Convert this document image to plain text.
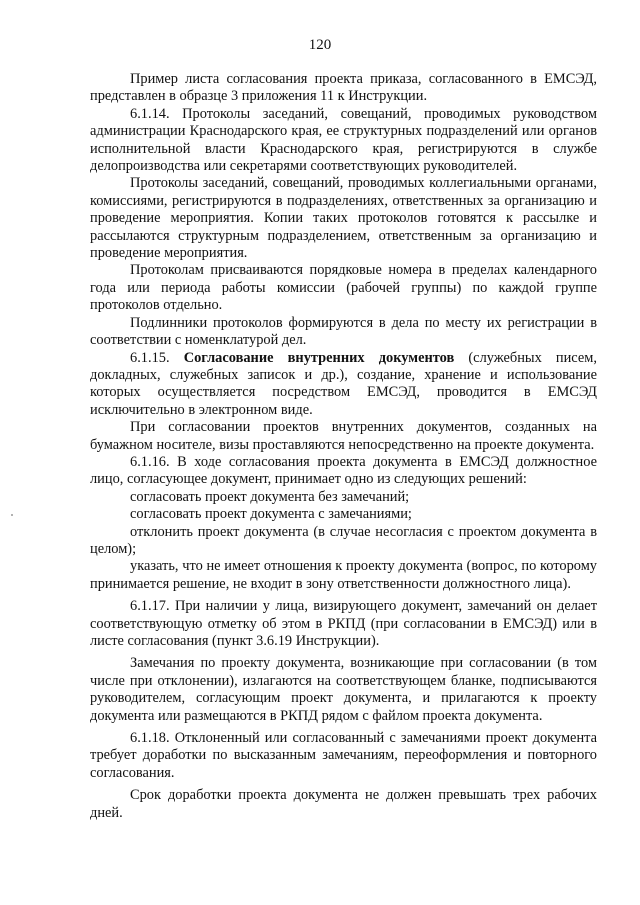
120

Пример листа согласования проекта приказа, согласованного в ЕМСЭД, представлен в образце 3 приложения 11 к Инструкции.

6.1.14. Протоколы заседаний, совещаний, проводимых руководством администрации Краснодарского края, ее структурных подразделений или органов исполнительной власти Краснодарского края, регистрируются в службе делопроизводства или секретарями соответствующих руководителей.

Протоколы заседаний, совещаний, проводимых коллегиальными органами, комиссиями, регистрируются в подразделениях, ответственных за организацию и проведение мероприятия. Копии таких протоколов готовятся к рассылке и рассылаются структурным подразделением, ответственным за организацию и проведение мероприятия.

Протоколам присваиваются порядковые номера в пределах календарного года или периода работы комиссии (рабочей группы) по каждой группе протоколов отдельно.

Подлинники протоколов формируются в дела по месту их регистрации в соответствии с номенклатурой дел.

6.1.15. Согласование внутренних документов (служебных писем, докладных, служебных записок и др.), создание, хранение и использование которых осуществляется посредством ЕМСЭД, проводится в ЕМСЭД исключительно в электронном виде.

При согласовании проектов внутренних документов, созданных на бумажном носителе, визы проставляются непосредственно на проекте документа.

6.1.16. В ходе согласования проекта документа в ЕМСЭД должностное лицо, согласующее документ, принимает одно из следующих решений:

согласовать проект документа без замечаний;

согласовать проект документа с замечаниями;

отклонить проект документа (в случае несогласия с проектом документа в целом);

указать, что не имеет отношения к проекту документа (вопрос, по которому принимается решение, не входит в зону ответственности должностного лица).

6.1.17. При наличии у лица, визирующего документ, замечаний он делает соответствующую отметку об этом в РКПД (при согласовании в ЕМСЭД) или в листе согласования (пункт 3.6.19 Инструкции).

Замечания по проекту документа, возникающие при согласовании (в том числе при отклонении), излагаются на соответствующем бланке, подписываются руководителем, согласующим проект документа, и прилагаются к проекту документа или размещаются в РКПД рядом с файлом проекта документа.

6.1.18. Отклоненный или согласованный с замечаниями проект документа требует доработки по высказанным замечаниям, переоформления и повторного согласования.

Срок доработки проекта документа не должен превышать трех рабочих дней.
